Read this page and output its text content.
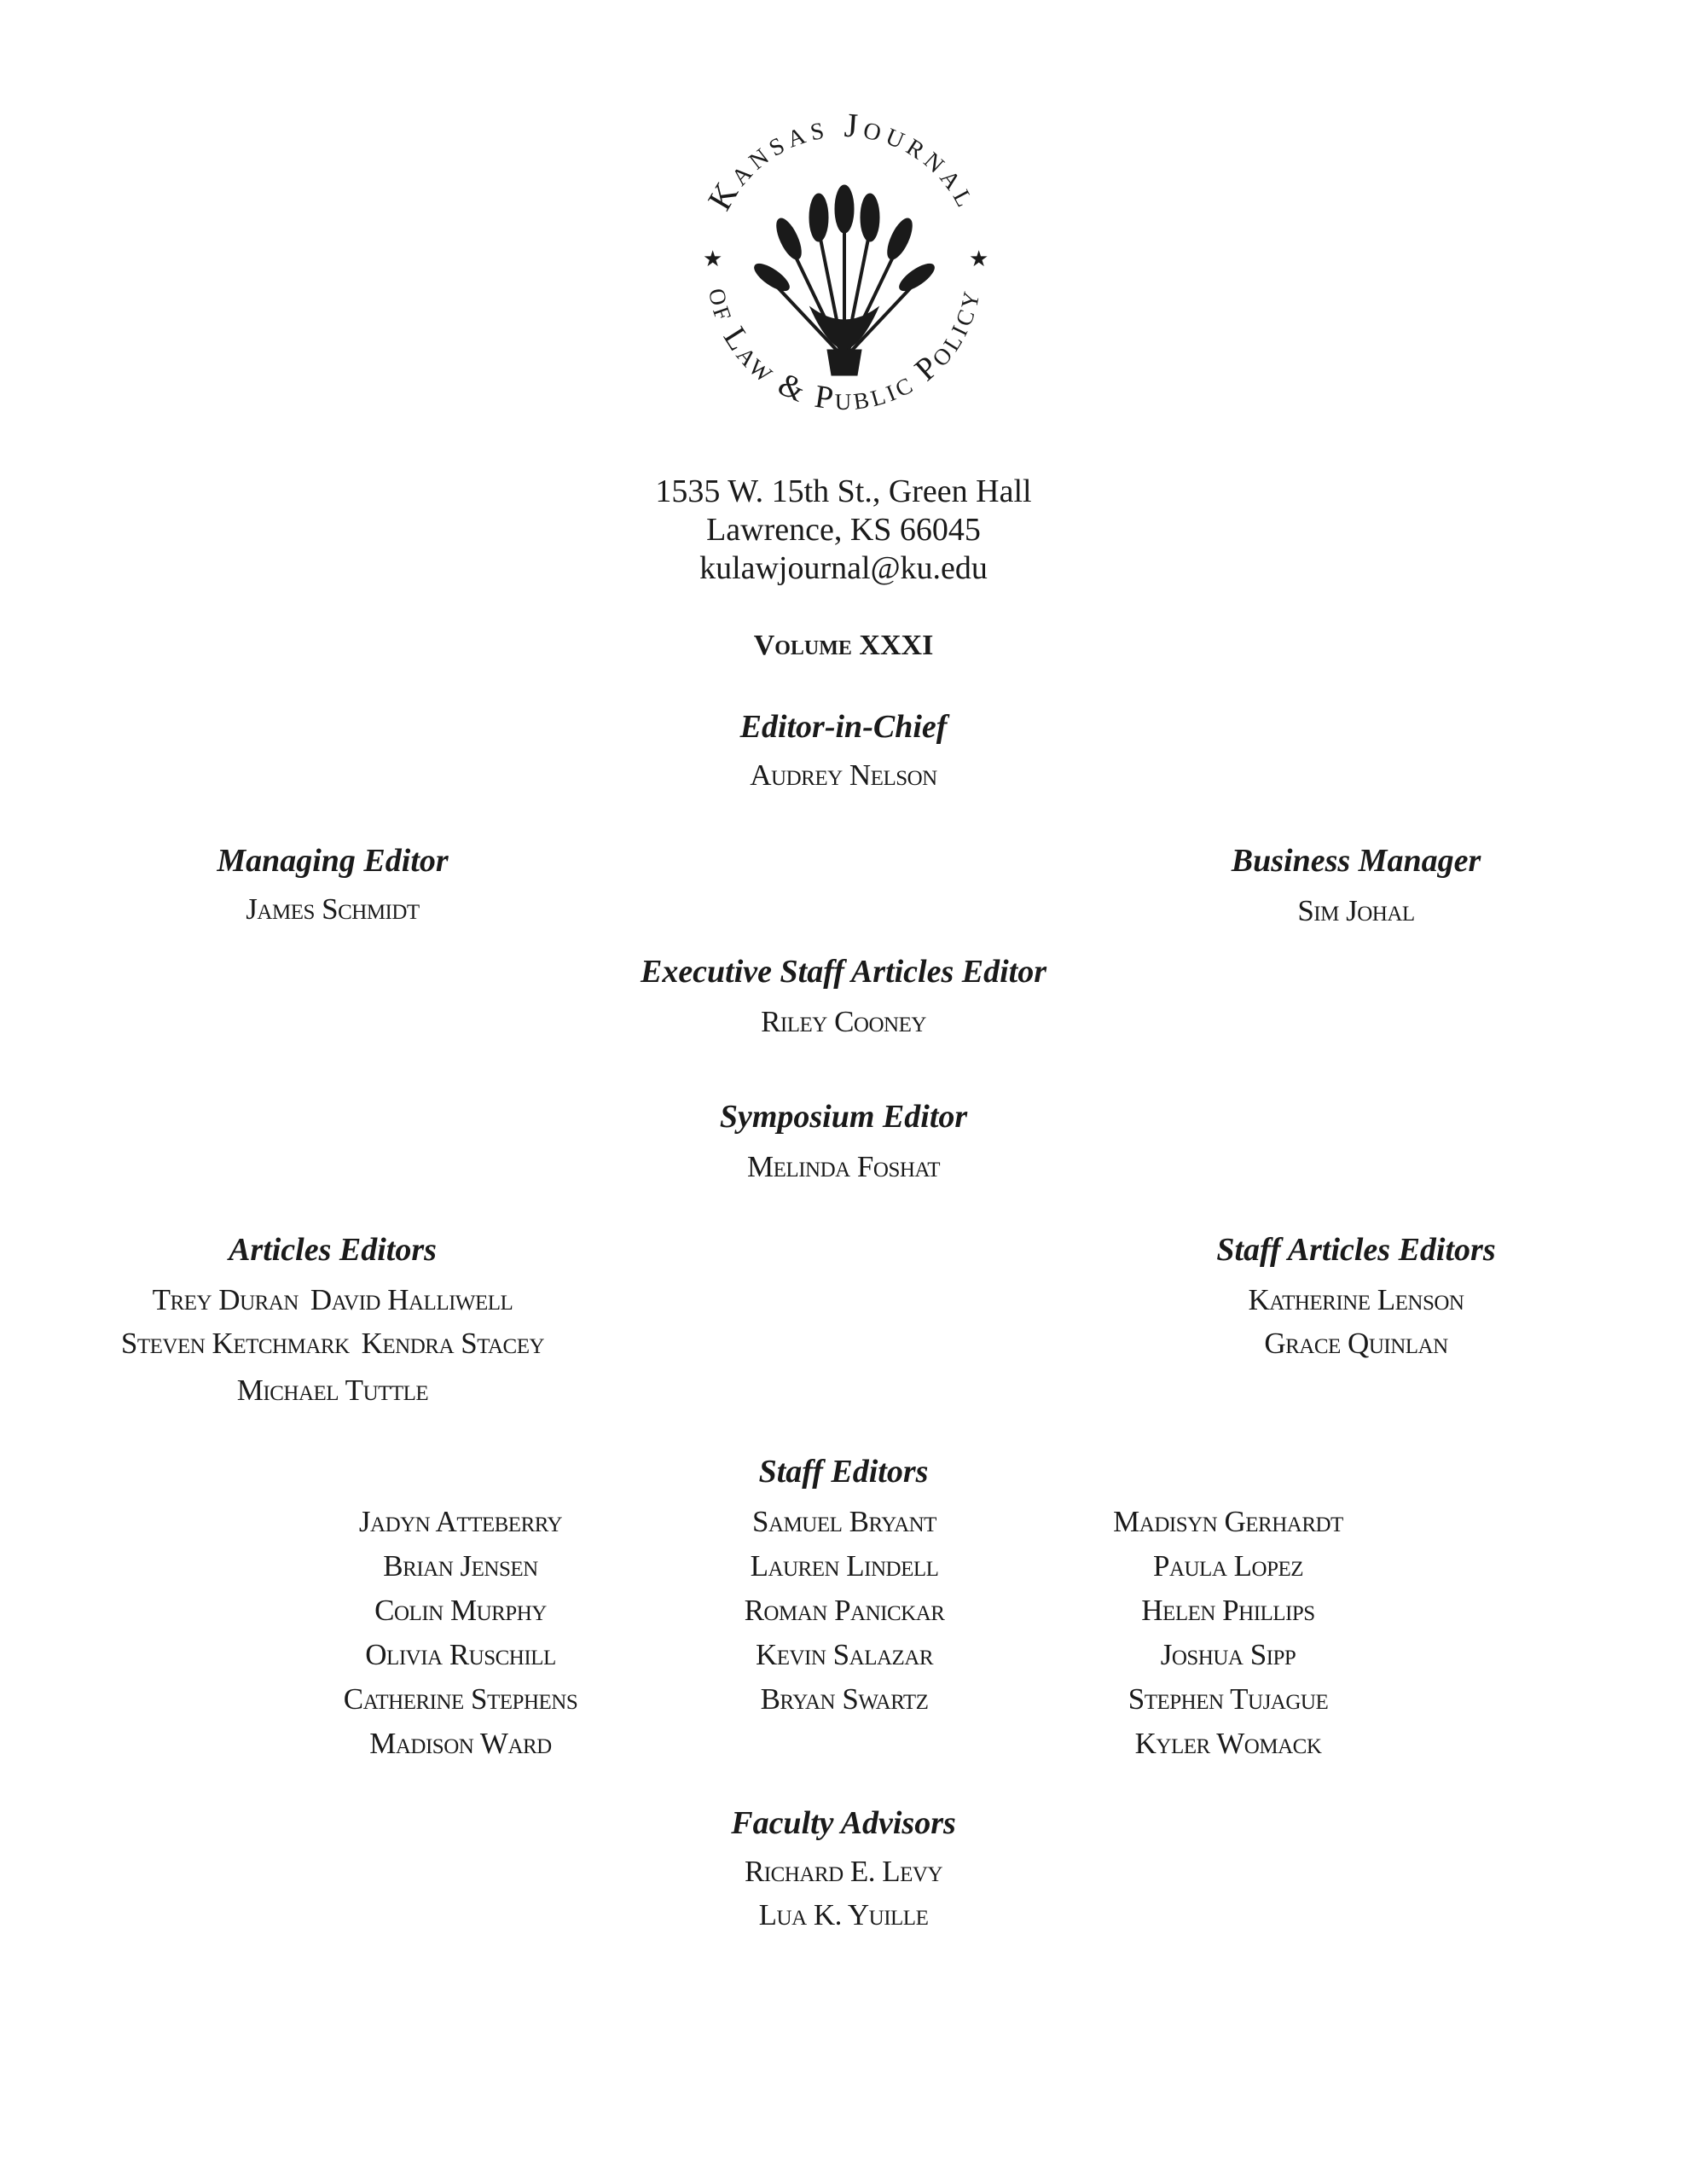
Kansas Journal
of Law & Public Policy
★	★
1535 W. 15th St., Green Hall
Lawrence, KS 66045
kulawjournal@ku.edu
Volume XXXI
Editor-in-Chief
Audrey Nelson
Managing Editor
James Schmidt
Business Manager
Sim Johal
Executive Staff Articles Editor
Riley Cooney
Symposium Editor
Melinda Foshat
Articles Editors
Trey Duran David Halliwell
Steven Ketchmark Kendra Stacey
Michael Tuttle
Staff Articles Editors
Katherine Lenson
Grace Quinlan
Staff Editors
Jadyn Atteberry
Brian Jensen
Colin Murphy
Olivia Ruschill
Catherine Stephens
Madison Ward
Samuel Bryant
Lauren Lindell
Roman Panickar
Kevin Salazar
Bryan Swartz
Madisyn Gerhardt
Paula Lopez
Helen Phillips
Joshua Sipp
Stephen Tujague
Kyler Womack
Faculty Advisors
Richard E. Levy
Lua K. Yuille
